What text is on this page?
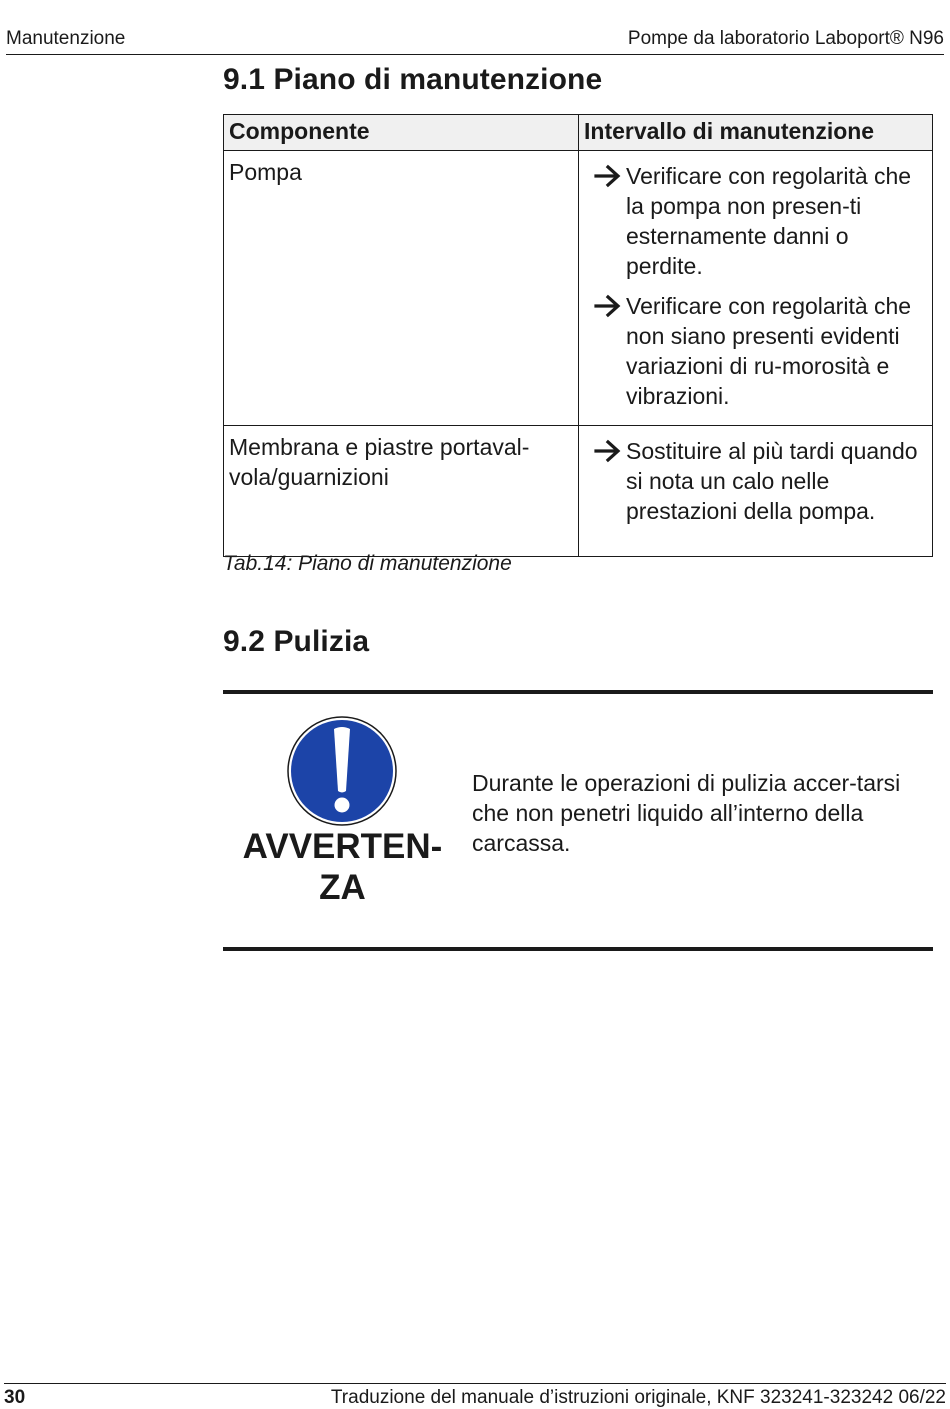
Manutenzione	Pompe da laboratorio Laboport® N96
9.1 Piano di manutenzione
Componente	Intervallo di manutenzione

Pompa	Verificare con regolarità che la pompa non presen-ti esternamente danni o perdite.
Verificare con regolarità che non siano presenti evidenti variazioni di ru-morosità e vibrazioni.

Membrana e piastre portaval-vola/guarnizioni	Sostituire al più tardi quando si nota un calo nelle prestazioni della pompa.
Tab.14: Piano di manutenzione
9.2 Pulizia
AVVERTEN-ZA
Durante le operazioni di pulizia accer-tarsi che non penetri liquido all’interno della carcassa.
30	Traduzione del manuale d’istruzioni originale, KNF 323241-323242 06/22
